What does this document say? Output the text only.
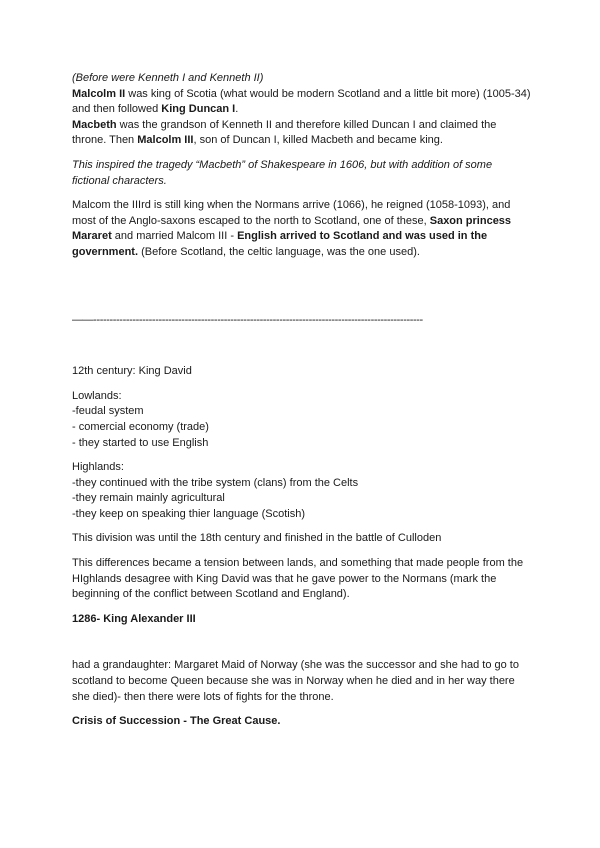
(Before were Kenneth I and Kenneth II)

Malcolm II was king of Scotia (what would be modern Scotland and a little bit more) (1005-34) and then followed King Duncan I.
Macbeth was the grandson of Kenneth II and therefore killed Duncan I and claimed the throne. Then Malcolm III, son of Duncan I, killed Macbeth and became king.

This inspired the tragedy “Macbeth” of Shakespeare in 1606, but with addition of some fictional characters.

Malcom the IIIrd is still king when the Normans arrive (1066), he reigned (1058-1093), and most of the Anglo-saxons escaped to the north to Scotland, one of these, Saxon princess Mararet and married Malcom III - English arrived to Scotland and was used in the government. (Before Scotland, the celtic language, was the one used).

——-----------------------------------------------------------------------------------------------------

12th century: King David

Lowlands:

-feudal system

- comercial economy (trade)

- they started to use English

Highlands:

-they continued with the tribe system (clans) from the Celts

-they remain mainly agricultural

-they keep on speaking thier language (Scotish)

This division was until the 18th century and finished in the battle of Culloden

This differences became a tension between lands, and something that made people from the HIghlands desagree with King David was that he gave power to the Normans (mark the beginning of the conflict between Scotland and England).

1286- King Alexander III

had a grandaughter: Margaret Maid of Norway (she was the successor and she had to go to scotland to become Queen because she was in Norway when he died and in her way there she died)- then there were lots of fights for the throne.

Crisis of Succession - The Great Cause.
